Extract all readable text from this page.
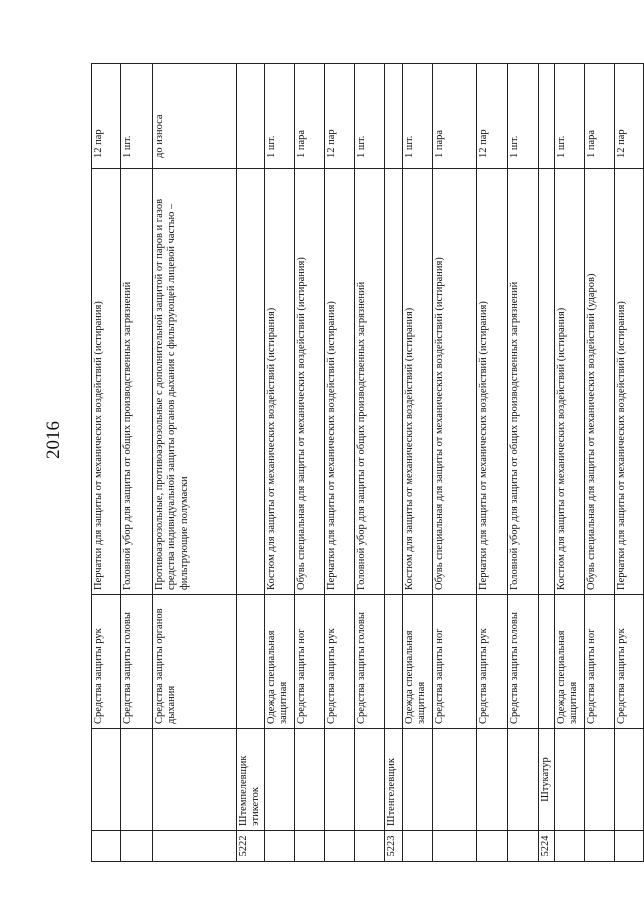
2016
		Средства защиты рук	Перчатки для защиты от механических воздействий (истирания)	12 пар
		Средства защиты головы	Головной убор для защиты от общих производственных загрязнений	1 шт.
		Средства защиты органов дыхания	Противоаэрозольные, противоаэрозольные с дополнительной защитой от паров и газов средства индивидуальной защиты органов дыхания с фильтрующей лицевой частью – фильтрующие полумаски	до износа
5222	Штемпелевщик этикеток			
		Одежда специальная защитная	Костюм для защиты от механических воздействий (истирания)	1 шт.
		Средства защиты ног	Обувь специальная для защиты от механических воздействий (истирания)	1 пара
		Средства защиты рук	Перчатки для защиты от механических воздействий (истирания)	12 пар
		Средства защиты головы	Головной убор для защиты от общих производственных загрязнений	1 шт.
5223	Штенгелевщик			
		Одежда специальная защитная	Костюм для защиты от механических воздействий (истирания)	1 шт.
		Средства защиты ног	Обувь специальная для защиты от механических воздействий (истирания)	1 пара
		Средства защиты рук	Перчатки для защиты от механических воздействий (истирания)	12 пар
		Средства защиты головы	Головной убор для защиты от общих производственных загрязнений	1 шт.
5224	Штукатур			
		Одежда специальная защитная	Костюм для защиты от механических воздействий (истирания)	1 шт.
		Средства защиты ног	Обувь специальная для защиты от механических воздействий (ударов)	1 пара
		Средства защиты рук	Перчатки для защиты от механических воздействий (истирания)	12 пар
